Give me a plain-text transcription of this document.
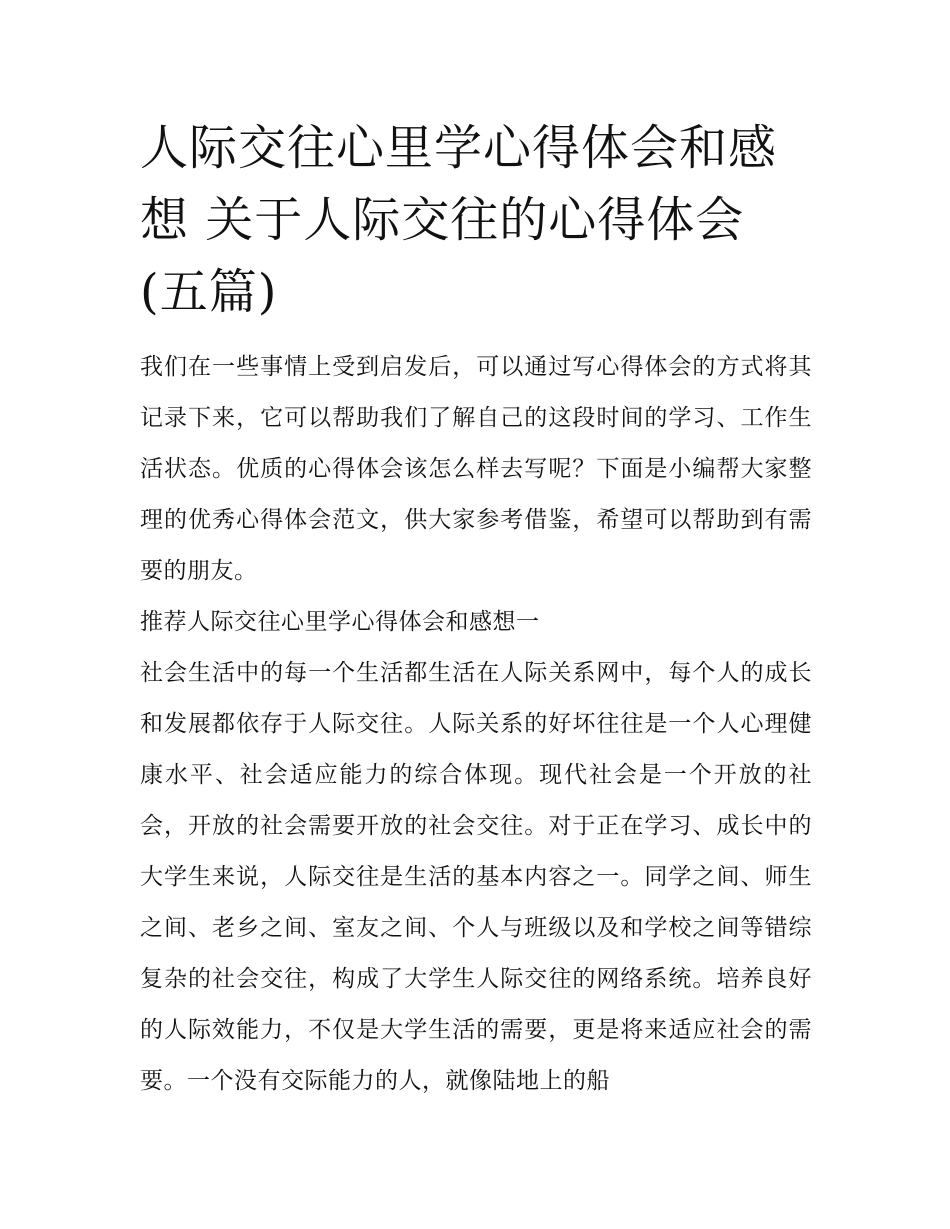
人际交往心里学心得体会和感想 关于人际交往的心得体会(五篇)

我们在一些事情上受到启发后，可以通过写心得体会的方式将其记录下来，它可以帮助我们了解自己的这段时间的学习、工作生活状态。优质的心得体会该怎么样去写呢？下面是小编帮大家整理的优秀心得体会范文，供大家参考借鉴，希望可以帮助到有需要的朋友。

推荐人际交往心里学心得体会和感想一

社会生活中的每一个生活都生活在人际关系网中，每个人的成长和发展都依存于人际交往。人际关系的好坏往往是一个人心理健康水平、社会适应能力的综合体现。现代社会是一个开放的社会，开放的社会需要开放的社会交往。对于正在学习、成长中的大学生来说，人际交往是生活的基本内容之一。同学之间、师生之间、老乡之间、室友之间、个人与班级以及和学校之间等错综复杂的社会交往，构成了大学生人际交往的网络系统。培养良好的人际效能力，不仅是大学生活的需要，更是将来适应社会的需要。一个没有交际能力的人，就像陆地上的船
